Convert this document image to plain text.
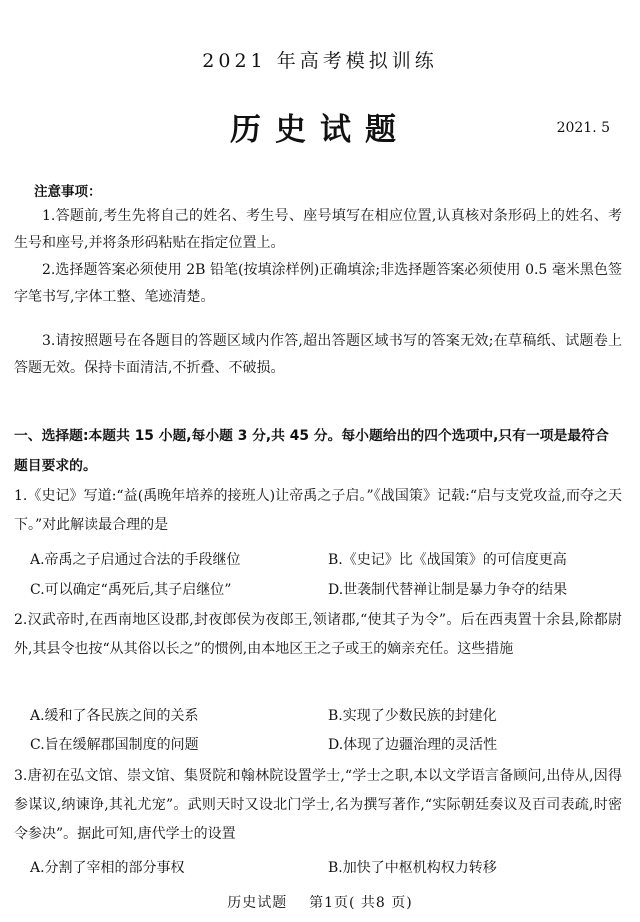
2021 年高考模拟训练
历史试题	2021. 5
注意事项：
1.答题前,考生先将自己的姓名、考生号、座号填写在相应位置,认真核对条形码上的姓名、考生号和座号,并将条形码粘贴在指定位置上。
2.选择题答案必须使用 2B 铅笔(按填涂样例)正确填涂;非选择题答案必须使用 0.5 毫米黑色签字笔书写,字体工整、笔迹清楚。
3.请按照题号在各题目的答题区域内作答,超出答题区域书写的答案无效;在草稿纸、试题卷上答题无效。保持卡面清洁,不折叠、不破损。
一、选择题:本题共 15 小题,每小题 3 分,共 45 分。每小题给出的四个选项中,只有一项是最符合题目要求的。
1.《史记》写道:“益(禹晚年培养的接班人)让帝禹之子启。”《战国策》记载:“启与支党攻益,而夺之天下。”对此解读最合理的是
A.帝禹之子启通过合法的手段继位	B.《史记》比《战国策》的可信度更高
C.可以确定“禹死后,其子启继位”	D.世袭制代替禅让制是暴力争夺的结果
2.汉武帝时,在西南地区设郡,封夜郎侯为夜郎王,领诸郡,“使其子为令”。后在西夷置十余县,除都尉外,其县令也按“从其俗以长之”的惯例,由本地区王之子或王的嫡亲充任。这些措施
A.缓和了各民族之间的关系	B.实现了少数民族的封建化
C.旨在缓解郡国制度的问题	D.体现了边疆治理的灵活性
3.唐初在弘文馆、崇文馆、集贤院和翰林院设置学士,“学士之职,本以文学语言备顾问,出侍从,因得参谋议,纳谏诤,其礼尤宠”。武则天时又设北门学士,名为撰写著作,“实际朝廷奏议及百司表疏,时密令参决”。据此可知,唐代学士的设置
A.分割了宰相的部分事权	B.加快了中枢机构权力转移
历史试题    第1页( 共8 页)
